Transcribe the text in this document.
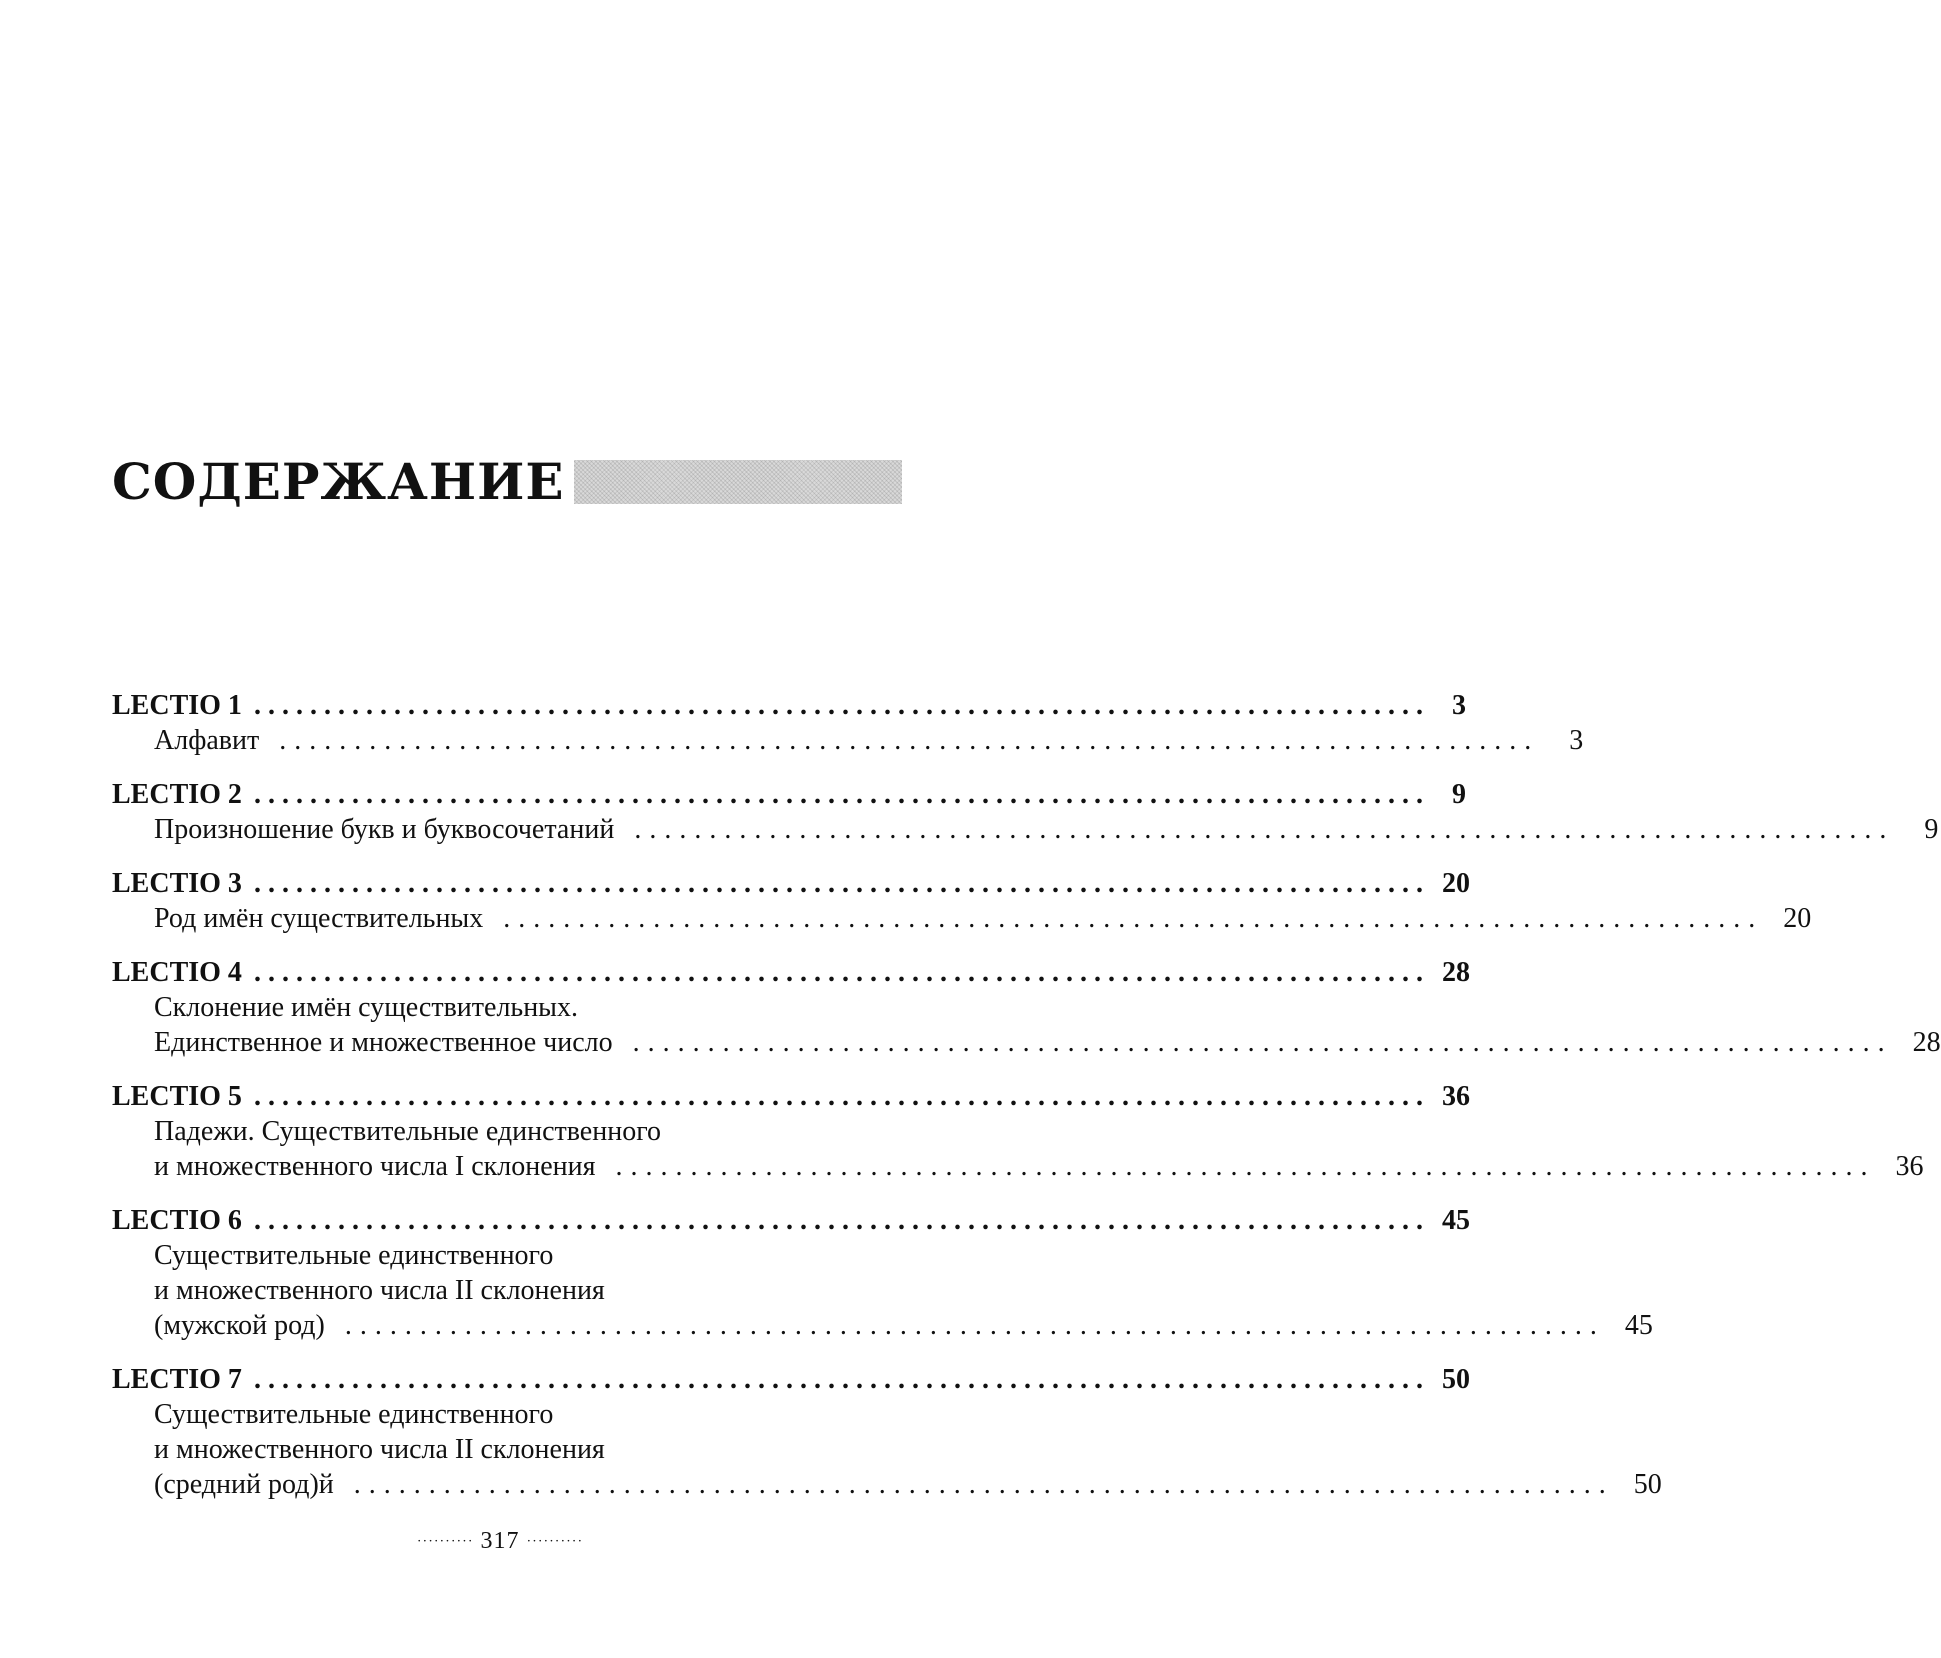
СОДЕРЖАНИЕ
LECTIO 1 .................................................................................... 3
Алфавит ....................................................................................	3
LECTIO 2 .................................................................................... 9
Произношение букв и буквосочетаний ....................................................................................	9
LECTIO 3 .................................................................................... 20
Род имён существительных .................................................................................... 20
LECTIO 4 .................................................................................... 28
Склонение имён существительных.
Единственное и множественное число .................................................................................... 28
LECTIO 5 .................................................................................... 36
Падежи. Существительные единственного
и множественного числа I склонения .................................................................................... 36
LECTIO 6 .................................................................................... 45
Существительные единственного
и множественного числа II склонения
(мужской род) .................................................................................... 45
LECTIO 7 .................................................................................... 50
Существительные единственного
и множественного числа II склонения
(средний род)й .................................................................................... 50
·········· 317 ··········
